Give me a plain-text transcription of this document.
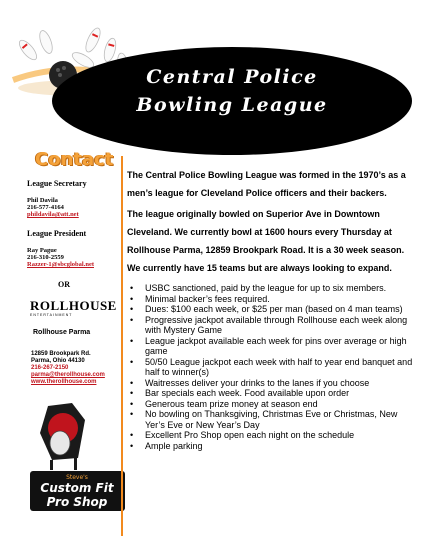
Central Police
Bowling League
Contact
League Secretary
Phil Davila
216-577-4164
phildavila@att.net
League President
Ray Pague
216-310-2559
Razzer-1@sbcglobal.net
OR
ROLLHOUSE
ENTERTAINMENT
Rollhouse Parma
12859 Brookpark Rd.
Parma, Ohio 44130
216-267-2150
parma@therollhouse.com
www.therollhouse.com
Steve's
Custom Fit
Pro Shop

The Central Police Bowling League was formed in the 1970’s as a men’s league for Cleveland Police officers and their backers.

The league originally bowled on Superior Ave in Downtown Cleveland. We currently bowl at 1600 hours every Thursday at Rollhouse Parma, 12859 Brookpark Road. It is a 30 week season. We currently have 15 teams but are always looking to expand.

• USBC sanctioned, paid by the league for up to six members.
• Minimal backer’s fees required.
• Dues: $100 each week, or $25 per man (based on 4 man teams)
• Progressive jackpot available through Rollhouse each week along with Mystery Game
• League jackpot available each week for pins over average or high game
• 50/50 League jackpot each week with half to year end banquet and half to winner(s)
• Waitresses deliver your drinks to the lanes if you choose
• Bar specials each week. Food available upon order
• Generous team prize money at season end
• No bowling on Thanksgiving, Christmas Eve or Christmas, New Yer’s Eve or New Year’s Day
• Excellent Pro Shop open each night on the schedule
• Ample parking
